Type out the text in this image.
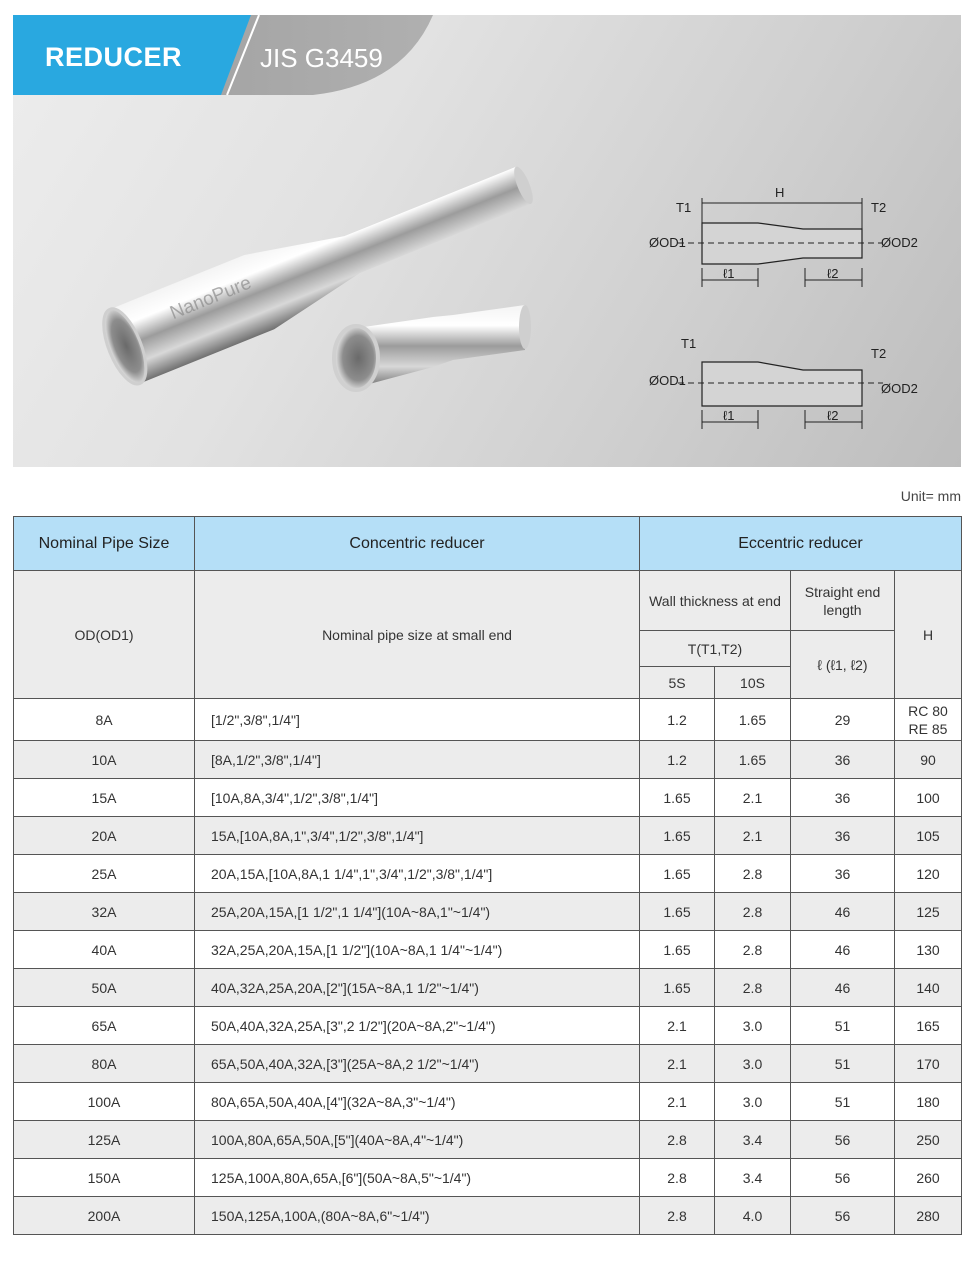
REDUCER	JIS G3459
NanoPure
H
T1	T2
ØOD1	ØOD2
ℓ1	ℓ2
T1
T2
ØOD1
ØOD2
ℓ1	ℓ2
Unit= mm
Nominal Pipe Size	Concentric reducer	Eccentric reducer			
OD(OD1)	Nominal pipe size at small end	Wall thickness at end		Straight end length	H
		T(T1,T2)		ℓ (ℓ1, ℓ2)	
		5S	10S		
8A	[1/2",3/8",1/4"]	1.2	1.65	29	RC 80
RE 85

10A	[8A,1/2",3/8",1/4"]	1.2	1.65	36	90
15A	[10A,8A,3/4",1/2",3/8",1/4"]	1.65	2.1	36	100
20A	15A,[10A,8A,1",3/4",1/2",3/8",1/4"]	1.65	2.1	36	105
25A	20A,15A,[10A,8A,1 1/4",1",3/4",1/2",3/8",1/4"]	1.65	2.8	36	120
32A	25A,20A,15A,[1 1/2",1 1/4"](10A~8A,1"~1/4")	1.65	2.8	46	125
40A	32A,25A,20A,15A,[1 1/2"](10A~8A,1 1/4"~1/4")	1.65	2.8	46	130
50A	40A,32A,25A,20A,[2"](15A~8A,1 1/2"~1/4")	1.65	2.8	46	140
65A	50A,40A,32A,25A,[3",2 1/2"](20A~8A,2"~1/4")	2.1	3.0	51	165
80A	65A,50A,40A,32A,[3"](25A~8A,2 1/2"~1/4")	2.1	3.0	51	170
100A	80A,65A,50A,40A,[4"](32A~8A,3"~1/4")	2.1	3.0	51	180
125A	100A,80A,65A,50A,[5"](40A~8A,4"~1/4")	2.8	3.4	56	250
150A	125A,100A,80A,65A,[6"](50A~8A,5"~1/4")	2.8	3.4	56	260
200A	150A,125A,100A,(80A~8A,6"~1/4")	2.8	4.0	56	280
